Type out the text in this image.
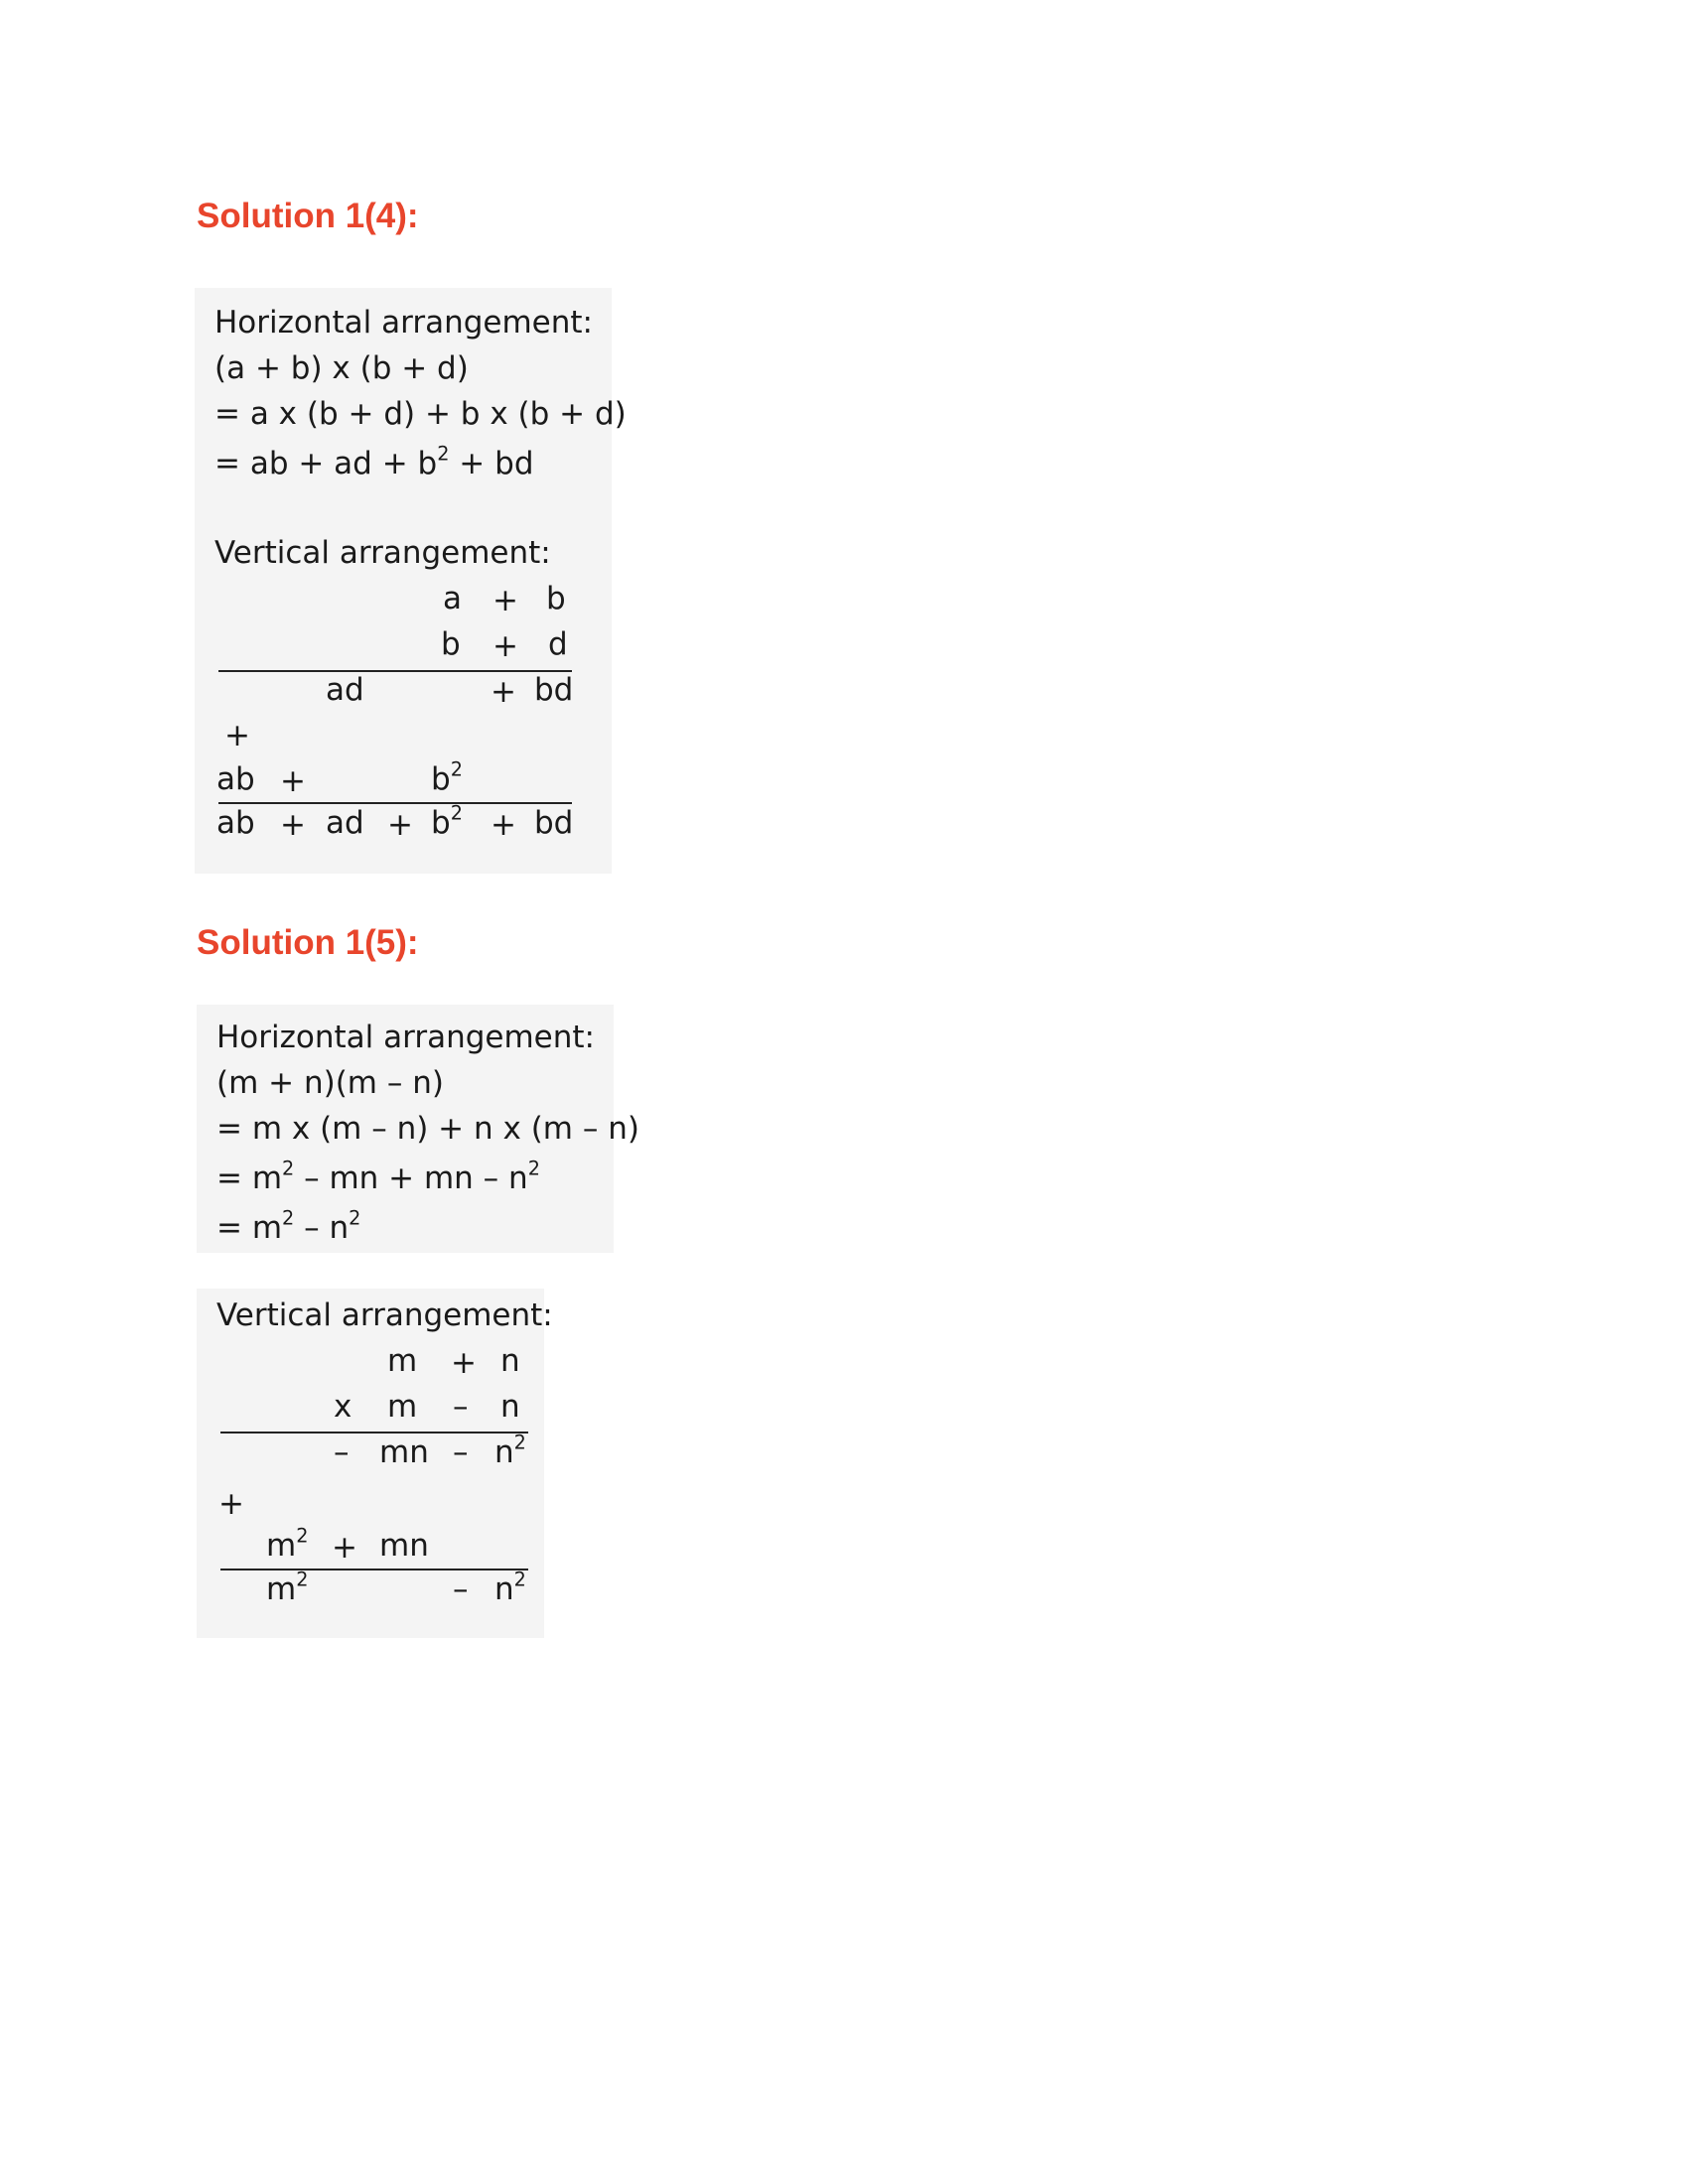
Solution 1(4):
Horizontal arrangement:
(a + b) x (b + d)
= a x (b + d) + b x (b + d)
= ab + ad + $b^2$ + bd
Vertical arrangement:
a + b
b + d
ad	+ bd
+
ab +	$b^2$
ab + ad + $b^2$ + bd
Solution 1(5):
Horizontal arrangement:
(m + n)(m – n)
= m x (m – n) + n x (m – n)
= $m^2$ – mn + mn – $n^2$
= $m^2 - n^2$
Vertical arrangement:
m + n
x m – n
– mn – $n^2$
+
$m^2$ + mn
$m^2$	– $n^2$
